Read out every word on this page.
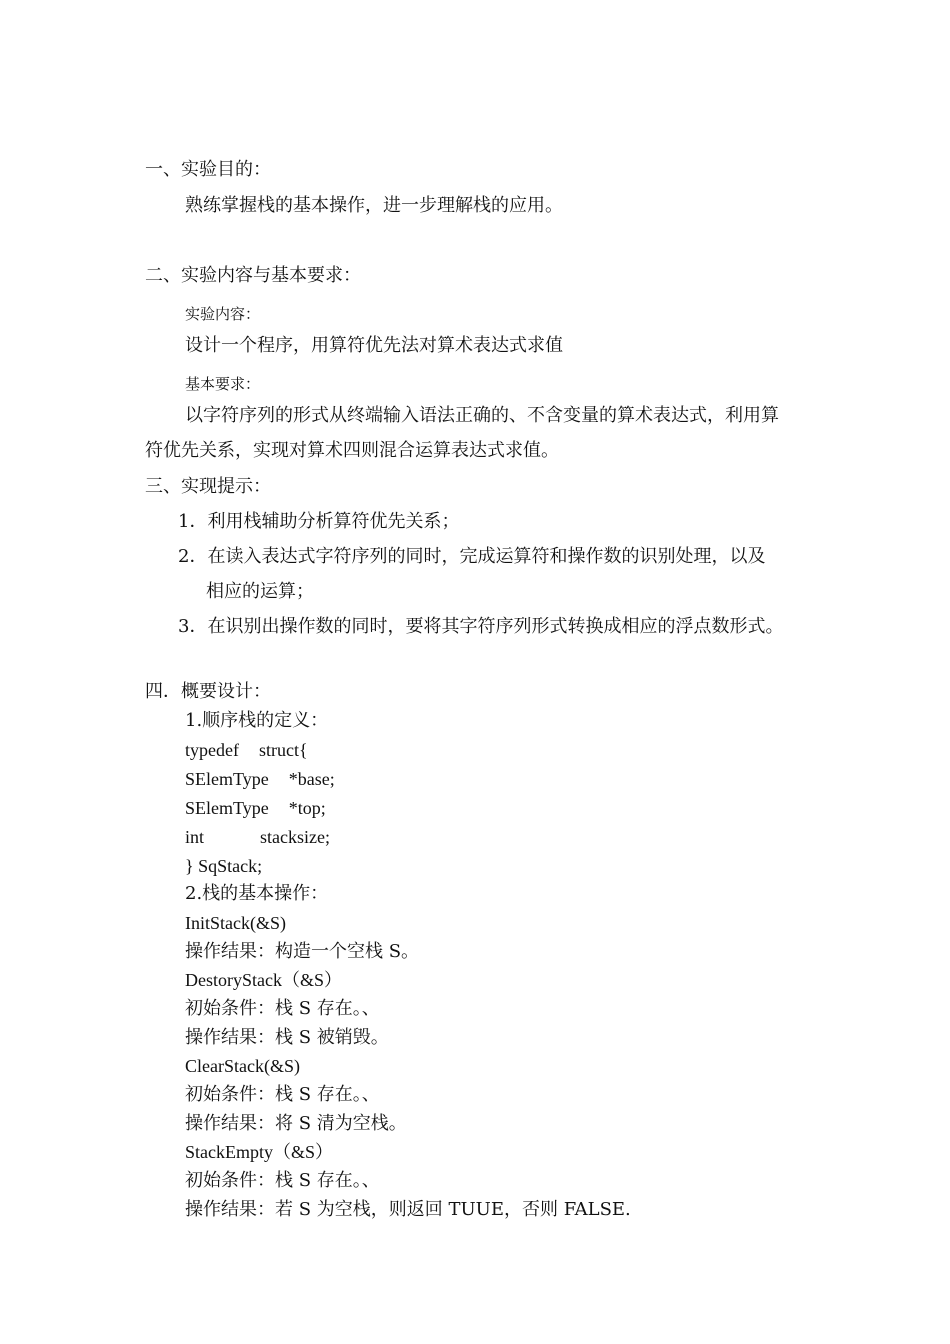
一、实验目的：
熟练掌握栈的基本操作，进一步理解栈的应用。
二、实验内容与基本要求：
实验内容：
设计一个程序，用算符优先法对算术表达式求值
基本要求：
以字符序列的形式从终端输入语法正确的、不含变量的算术表达式，利用算
符优先关系，实现对算术四则混合运算表达式求值。
三、实现提示：
1．利用栈辅助分析算符优先关系；
2．在读入表达式字符序列的同时，完成运算符和操作数的识别处理，以及
相应的运算；
3．在识别出操作数的同时，要将其字符序列形式转换成相应的浮点数形式。
四．概要设计：
1.顺序栈的定义：
typedef struct{
SElemType *base;
SElemType *top;
int	stacksize;
} SqStack;
2.栈的基本操作：
InitStack(&S)
操作结果：构造一个空栈 S。
DestoryStack（&S）
初始条件：栈 S 存在。、
操作结果：栈 S 被销毁。
ClearStack(&S)
初始条件：栈 S 存在。、
操作结果：将 S 清为空栈。
StackEmpty（&S）
初始条件：栈 S 存在。、
操作结果：若 S 为空栈，则返回 TUUE，否则 FALSE.
